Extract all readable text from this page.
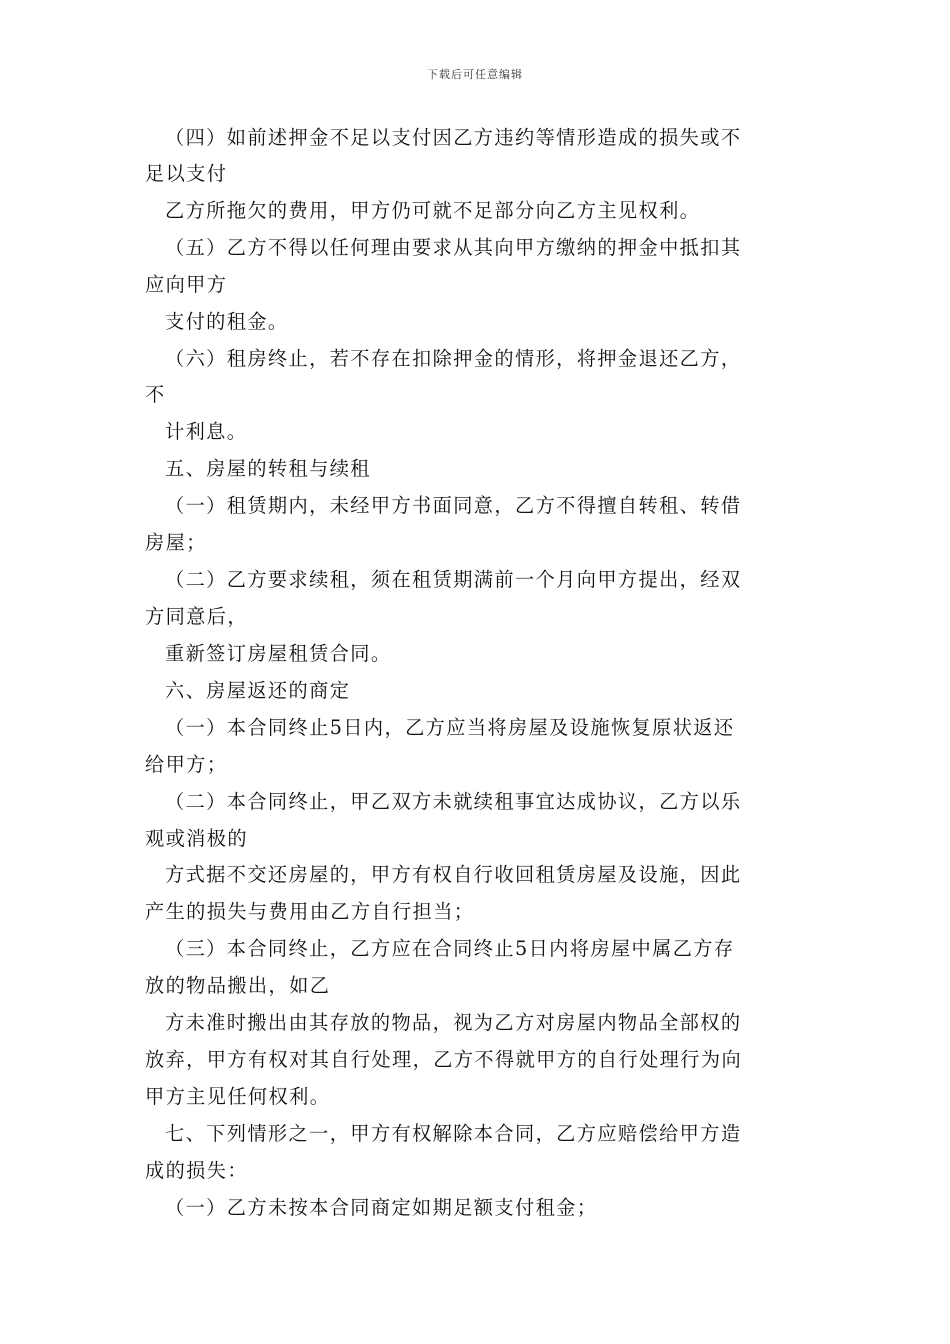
下载后可任意编辑
（四）如前述押金不足以支付因乙方违约等情形造成的损失或不
足以支付
乙方所拖欠的费用，甲方仍可就不足部分向乙方主见权利。
（五）乙方不得以任何理由要求从其向甲方缴纳的押金中抵扣其
应向甲方
支付的租金。
（六）租房终止，若不存在扣除押金的情形，将押金退还乙方，
不
计利息。
五、房屋的转租与续租
（一）租赁期内，未经甲方书面同意，乙方不得擅自转租、转借
房屋；
（二）乙方要求续租，须在租赁期满前一个月向甲方提出，经双
方同意后，
重新签订房屋租赁合同。
六、房屋返还的商定
（一）本合同终止5日内，乙方应当将房屋及设施恢复原状返还
给甲方；
（二）本合同终止，甲乙双方未就续租事宜达成协议，乙方以乐
观或消极的
方式据不交还房屋的，甲方有权自行收回租赁房屋及设施，因此
产生的损失与费用由乙方自行担当；
（三）本合同终止，乙方应在合同终止5日内将房屋中属乙方存
放的物品搬出，如乙
方未准时搬出由其存放的物品，视为乙方对房屋内物品全部权的
放弃，甲方有权对其自行处理，乙方不得就甲方的自行处理行为向
甲方主见任何权利。
七、下列情形之一，甲方有权解除本合同，乙方应赔偿给甲方造
成的损失：
（一）乙方未按本合同商定如期足额支付租金；
